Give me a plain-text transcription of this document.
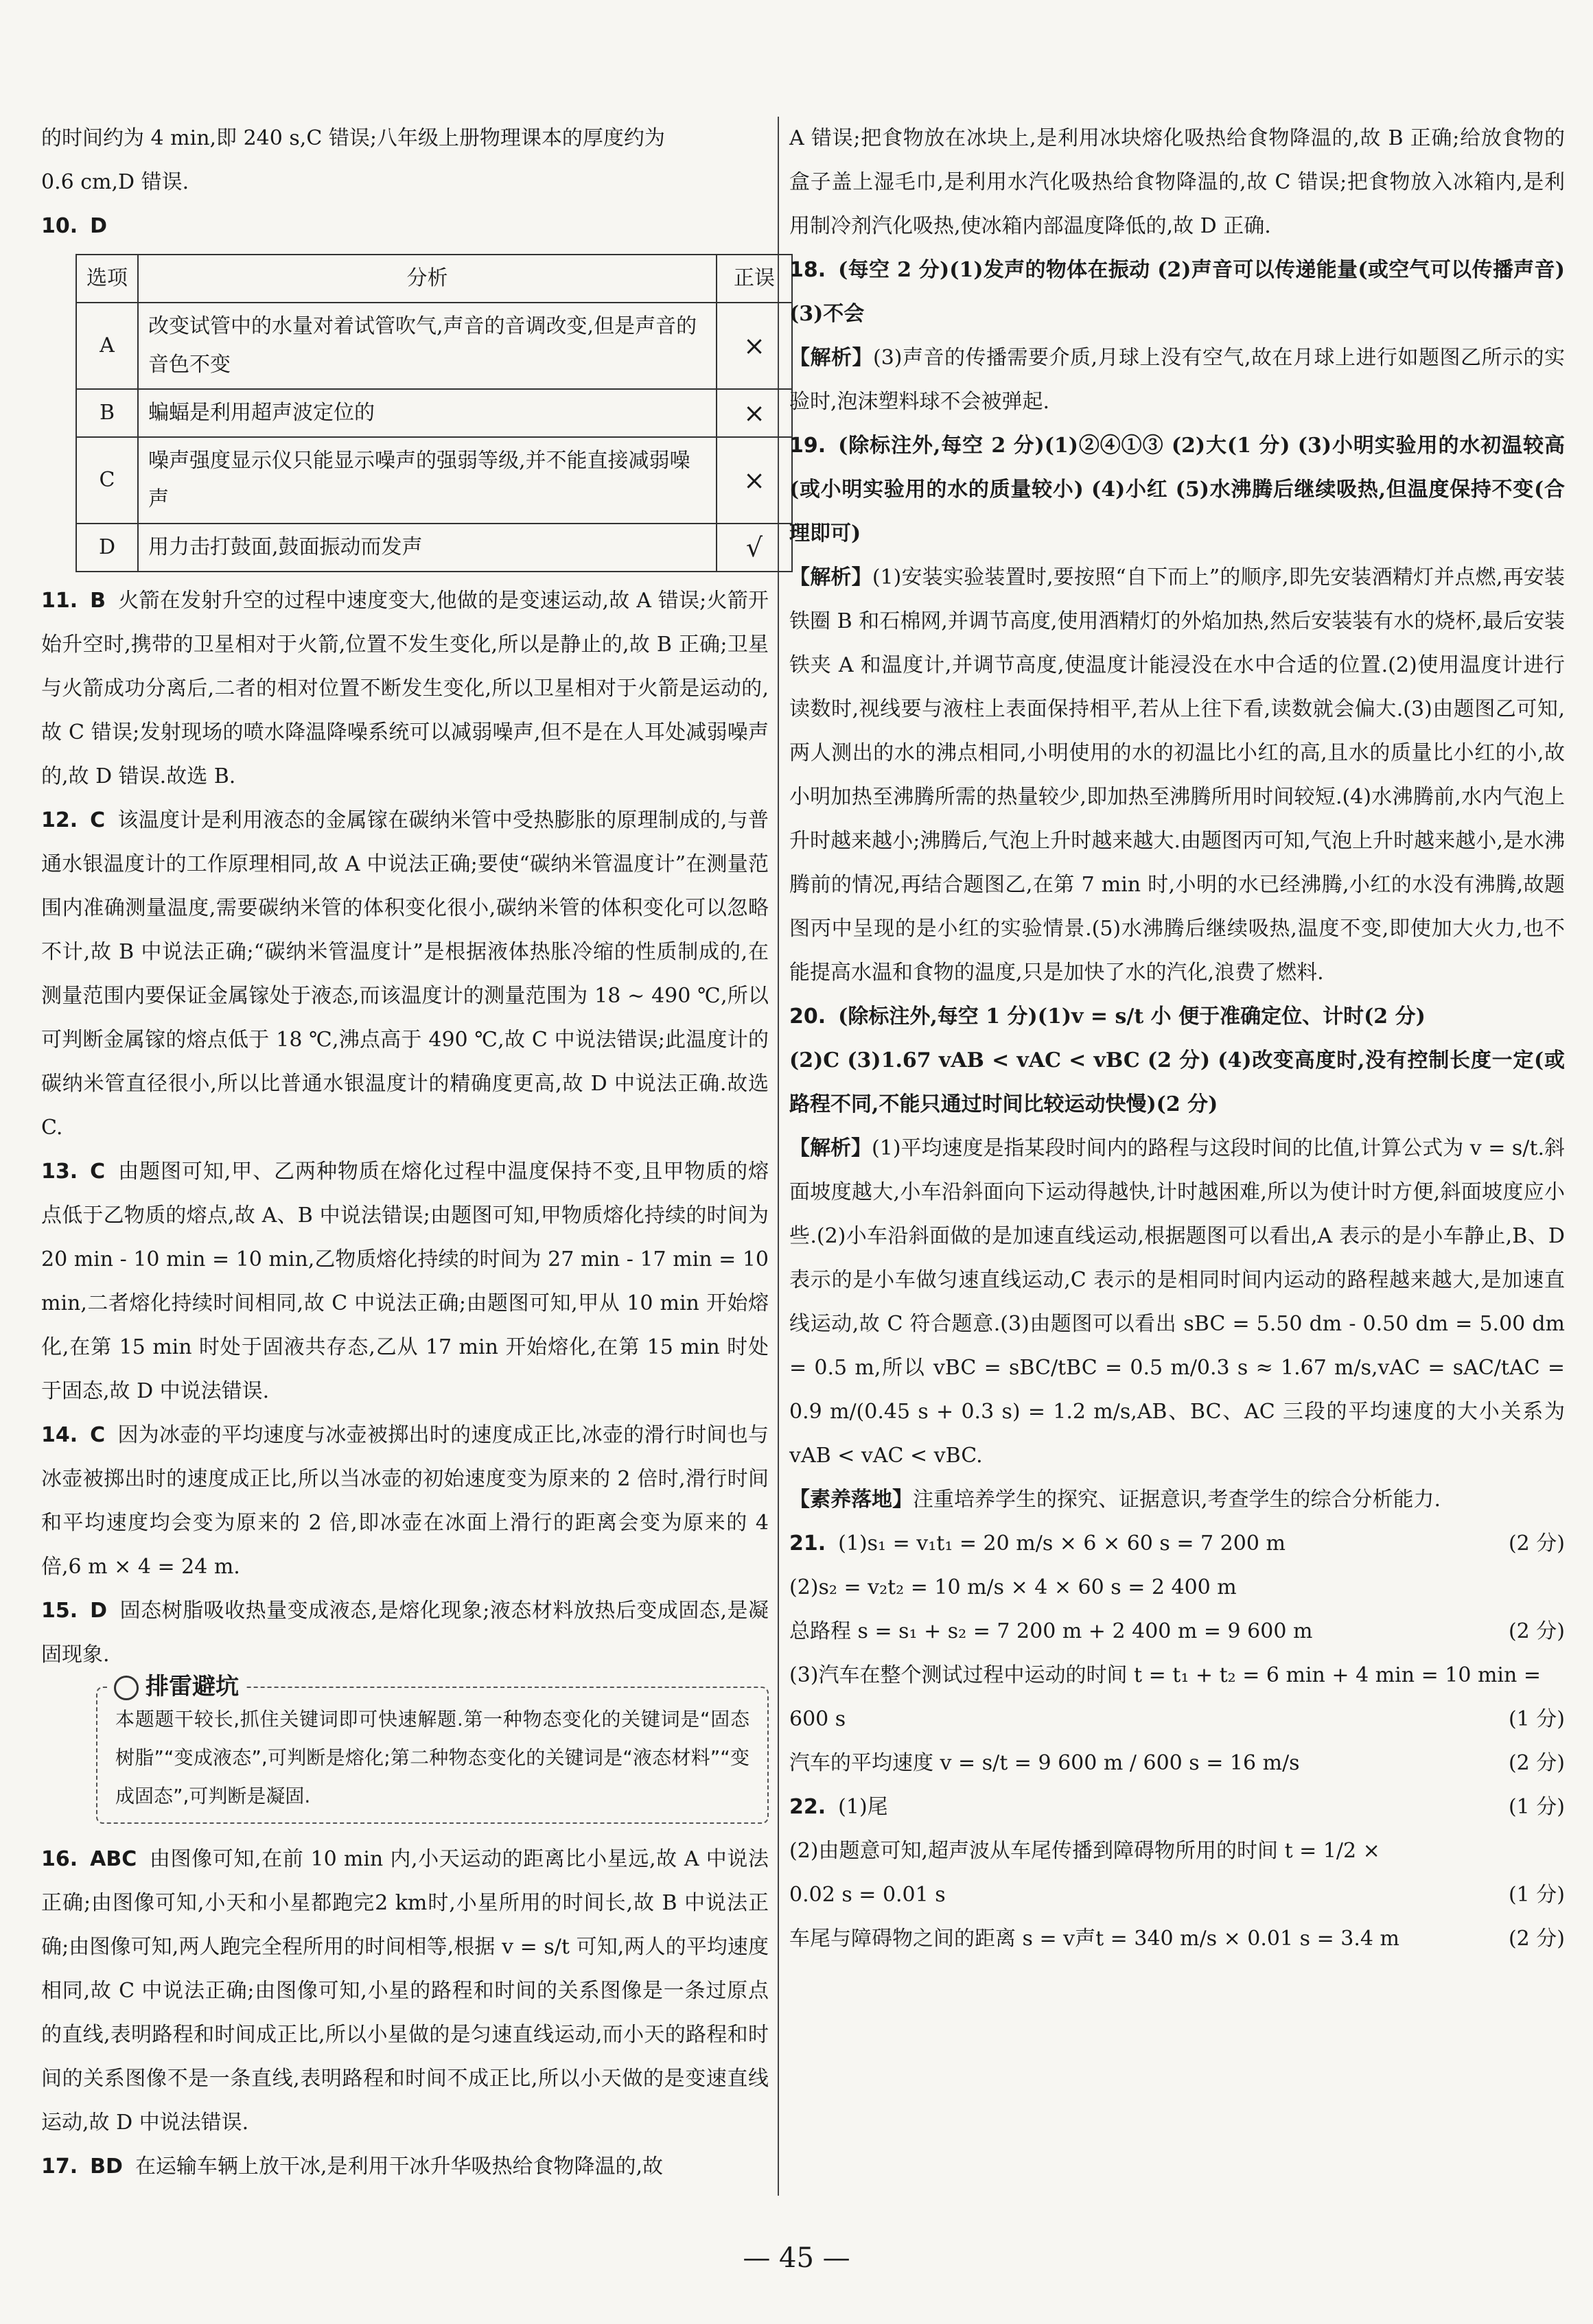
的时间约为 4 min,即 240 s,C 错误;八年级上册物理课本的厚度约为

0.6 cm,D 错误.

10. D
选项	分析	正误
A	改变试管中的水量对着试管吹气,声音的音调改变,但是声音的音色不变	×
B	蝙蝠是利用超声波定位的	×
C	噪声强度显示仪只能显示噪声的强弱等级,并不能直接减弱噪声	×
D	用力击打鼓面,鼓面振动而发声	√
11. B 火箭在发射升空的过程中速度变大,他做的是变速运动,故 A 错误;火箭开始升空时,携带的卫星相对于火箭,位置不发生变化,所以是静止的,故 B 正确;卫星与火箭成功分离后,二者的相对位置不断发生变化,所以卫星相对于火箭是运动的,故 C 错误;发射现场的喷水降温降噪系统可以减弱噪声,但不是在人耳处减弱噪声的,故 D 错误.故选 B.
12. C 该温度计是利用液态的金属镓在碳纳米管中受热膨胀的原理制成的,与普通水银温度计的工作原理相同,故 A 中说法正确;要使“碳纳米管温度计”在测量范围内准确测量温度,需要碳纳米管的体积变化很小,碳纳米管的体积变化可以忽略不计,故 B 中说法正确;“碳纳米管温度计”是根据液体热胀冷缩的性质制成的,在测量范围内要保证金属镓处于液态,而该温度计的测量范围为 18 ~ 490 ℃,所以可判断金属镓的熔点低于 18 ℃,沸点高于 490 ℃,故 C 中说法错误;此温度计的碳纳米管直径很小,所以比普通水银温度计的精确度更高,故 D 中说法正确.故选 C.
13. C 由题图可知,甲、乙两种物质在熔化过程中温度保持不变,且甲物质的熔点低于乙物质的熔点,故 A、B 中说法错误;由题图可知,甲物质熔化持续的时间为 20 min - 10 min = 10 min,乙物质熔化持续的时间为 27 min - 17 min = 10 min,二者熔化持续时间相同,故 C 中说法正确;由题图可知,甲从 10 min 开始熔化,在第 15 min 时处于固液共存态,乙从 17 min 开始熔化,在第 15 min 时处于固态,故 D 中说法错误.
14. C 因为冰壶的平均速度与冰壶被掷出时的速度成正比,冰壶的滑行时间也与冰壶被掷出时的速度成正比,所以当冰壶的初始速度变为原来的 2 倍时,滑行时间和平均速度均会变为原来的 2 倍,即冰壶在冰面上滑行的距离会变为原来的 4 倍,6 m × 4 = 24 m.
15. D 固态树脂吸收热量变成液态,是熔化现象;液态材料放热后变成固态,是凝固现象.
排雷避坑

本题题干较长,抓住关键词即可快速解题.第一种物态变化的关键词是“固态树脂”“变成液态”,可判断是熔化;第二种物态变化的关键词是“液态材料”“变成固态”,可判断是凝固.

16. ABC 由图像可知,在前 10 min 内,小天运动的距离比小星远,故 A 中说法正确;由图像可知,小天和小星都跑完2 km时,小星所用的时间长,故 B 中说法正确;由图像可知,两人跑完全程所用的时间相等,根据 v = s/t 可知,两人的平均速度相同,故 C 中说法正确;由图像可知,小星的路程和时间的关系图像是一条过原点的直线,表明路程和时间成正比,所以小星做的是匀速直线运动,而小天的路程和时间的关系图像不是一条直线,表明路程和时间不成正比,所以小天做的是变速直线运动,故 D 中说法错误.
17. BD 在运输车辆上放干冰,是利用干冰升华吸热给食物降温的,故

A 错误;把食物放在冰块上,是利用冰块熔化吸热给食物降温的,故 B 正确;给放食物的盒子盖上湿毛巾,是利用水汽化吸热给食物降温的,故 C 错误;把食物放入冰箱内,是利用制冷剂汽化吸热,使冰箱内部温度降低的,故 D 正确.

18. (每空 2 分)(1)发声的物体在振动 (2)声音可以传递能量(或空气可以传播声音) (3)不会

【解析】(3)声音的传播需要介质,月球上没有空气,故在月球上进行如题图乙所示的实验时,泡沫塑料球不会被弹起.

19. (除标注外,每空 2 分)(1)②④①③ (2)大(1 分) (3)小明实验用的水初温较高(或小明实验用的水的质量较小) (4)小红 (5)水沸腾后继续吸热,但温度保持不变(合理即可)

【解析】(1)安装实验装置时,要按照“自下而上”的顺序,即先安装酒精灯并点燃,再安装铁圈 B 和石棉网,并调节高度,使用酒精灯的外焰加热,然后安装装有水的烧杯,最后安装铁夹 A 和温度计,并调节高度,使温度计能浸没在水中合适的位置.(2)使用温度计进行读数时,视线要与液柱上表面保持相平,若从上往下看,读数就会偏大.(3)由题图乙可知,两人测出的水的沸点相同,小明使用的水的初温比小红的高,且水的质量比小红的小,故小明加热至沸腾所需的热量较少,即加热至沸腾所用时间较短.(4)水沸腾前,水内气泡上升时越来越小;沸腾后,气泡上升时越来越大.由题图丙可知,气泡上升时越来越小,是水沸腾前的情况,再结合题图乙,在第 7 min 时,小明的水已经沸腾,小红的水没有沸腾,故题图丙中呈现的是小红的实验情景.(5)水沸腾后继续吸热,温度不变,即使加大火力,也不能提高水温和食物的温度,只是加快了水的汽化,浪费了燃料.

20. (除标注外,每空 1 分)(1)v = s/t 小 便于准确定位、计时(2 分)

(2)C (3)1.67 vAB < vAC < vBC (2 分) (4)改变高度时,没有控制长度一定(或路程不同,不能只通过时间比较运动快慢)(2 分)

【解析】(1)平均速度是指某段时间内的路程与这段时间的比值,计算公式为 v = s/t.斜面坡度越大,小车沿斜面向下运动得越快,计时越困难,所以为使计时方便,斜面坡度应小些.(2)小车沿斜面做的是加速直线运动,根据题图可以看出,A 表示的是小车静止,B、D 表示的是小车做匀速直线运动,C 表示的是相同时间内运动的路程越来越大,是加速直线运动,故 C 符合题意.(3)由题图可以看出 sBC = 5.50 dm - 0.50 dm = 5.00 dm = 0.5 m,所以 vBC = sBC/tBC = 0.5 m/0.3 s ≈ 1.67 m/s,vAC = sAC/tAC = 0.9 m/(0.45 s + 0.3 s) = 1.2 m/s,AB、BC、AC 三段的平均速度的大小关系为 vAB < vAC < vBC.

【素养落地】注重培养学生的探究、证据意识,考查学生的综合分析能力.

21. (1)s₁ = v₁t₁ = 20 m/s × 6 × 60 s = 7 200 m	(2 分)
(2)s₂ = v₂t₂ = 10 m/s × 4 × 60 s = 2 400 m
总路程 s = s₁ + s₂ = 7 200 m + 2 400 m = 9 600 m	(2 分)
(3)汽车在整个测试过程中运动的时间 t = t₁ + t₂ = 6 min + 4 min = 10 min =
600 s	(1 分)
汽车的平均速度 v = s/t = 9 600 m / 600 s = 16 m/s	(2 分)
22. (1)尾	(1 分)
(2)由题意可知,超声波从车尾传播到障碍物所用的时间 t = 1/2 ×
0.02 s = 0.01 s	(1 分)
车尾与障碍物之间的距离 s = v声t = 340 m/s × 0.01 s = 3.4 m	(2 分)
— 45 —
